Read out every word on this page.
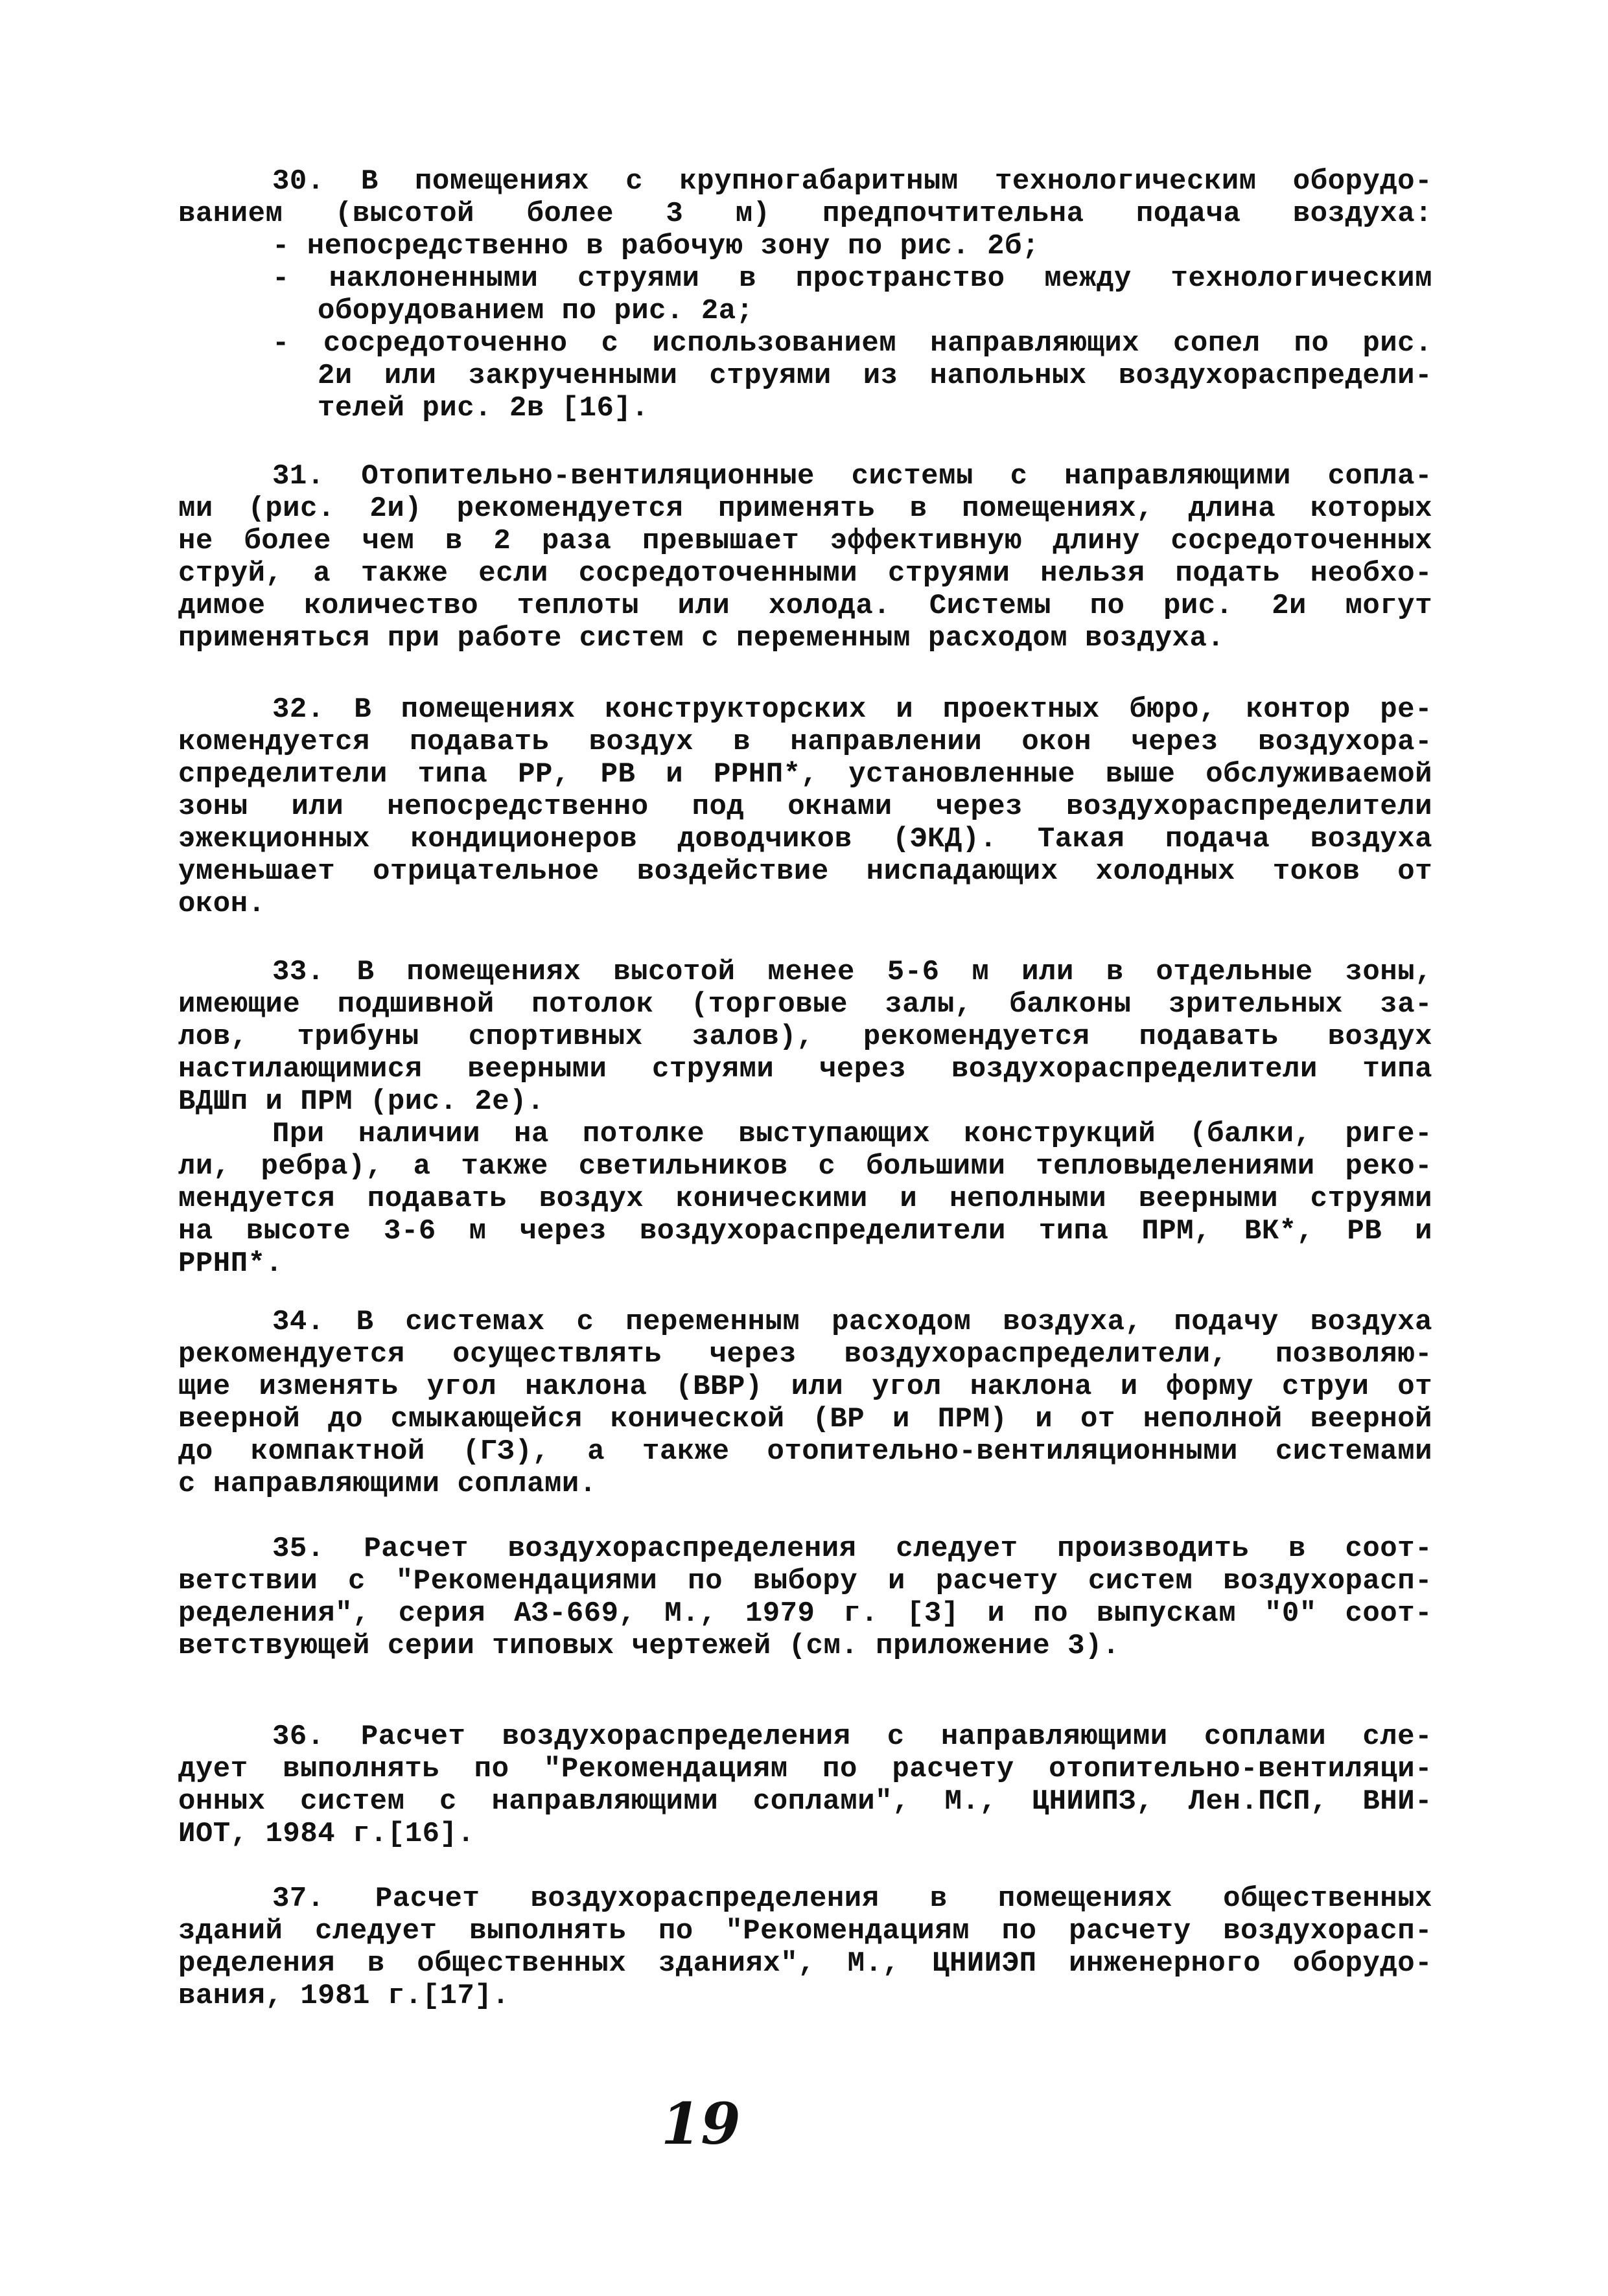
30. В помещениях с крупногабаритным технологическим оборудо-
ванием (высотой более 3 м) предпочтительна подача воздуха:
- непосредственно в рабочую зону по рис. 2б;
- наклоненными струями в пространство между технологическим
оборудованием по рис. 2а;
- сосредоточенно с использованием направляющих сопел по рис.
2и или закрученными струями из напольных воздухораспредели-
телей рис. 2в [16].
31. Отопительно-вентиляционные системы с направляющими сопла-
ми (рис. 2и) рекомендуется применять в помещениях, длина которых
не более чем в 2 раза превышает эффективную длину сосредоточенных
струй, а также если сосредоточенными струями нельзя подать необхо-
димое количество теплоты или холода. Системы по рис. 2и могут
применяться при работе систем с переменным расходом воздуха.
32. В помещениях конструкторских и проектных бюро, контор ре-
комендуется подавать воздух в направлении окон через воздухора-
спределители типа РР, РВ и РРНП*, установленные выше обслуживаемой
зоны или непосредственно под окнами через воздухораспределители
эжекционных кондиционеров доводчиков (ЭКД). Такая подача воздуха
уменьшает отрицательное воздействие ниспадающих холодных токов от
окон.
33. В помещениях высотой менее 5-6 м или в отдельные зоны,
имеющие подшивной потолок (торговые залы, балконы зрительных за-
лов, трибуны спортивных залов), рекомендуется подавать воздух
настилающимися веерными струями через воздухораспределители типа
ВДШп и ПРМ (рис. 2е).
При наличии на потолке выступающих конструкций (балки, риге-
ли, ребра), а также светильников с большими тепловыделениями реко-
мендуется подавать воздух коническими и неполными веерными струями
на высоте 3-6 м через воздухораспределители типа ПРМ, ВК*, РВ и
РРНП*.
34. В системах с переменным расходом воздуха, подачу воздуха
рекомендуется осуществлять через воздухораспределители, позволяю-
щие изменять угол наклона (ВВР) или угол наклона и форму струи от
веерной до смыкающейся конической (ВР и ПРМ) и от неполной веерной
до компактной (ГЗ), а также отопительно-вентиляционными системами
с направляющими соплами.
35. Расчет воздухораспределения следует производить в соот-
ветствии с "Рекомендациями по выбору и расчету систем воздухорасп-
ределения", серия АЗ-669, М., 1979 г. [3] и по выпускам "0" соот-
ветствующей серии типовых чертежей (см. приложение 3).
36. Расчет воздухораспределения с направляющими соплами сле-
дует выполнять по "Рекомендациям по расчету отопительно-вентиляци-
онных систем с направляющими соплами", М., ЦНИИПЗ, Лен.ПСП, ВНИ-
ИОТ, 1984 г.[16].
37. Расчет воздухораспределения в помещениях общественных
зданий следует выполнять по "Рекомендациям по расчету воздухорасп-
ределения в общественных зданиях", М., ЦНИИЭП инженерного оборудо-
вания, 1981 г.[17].
19
